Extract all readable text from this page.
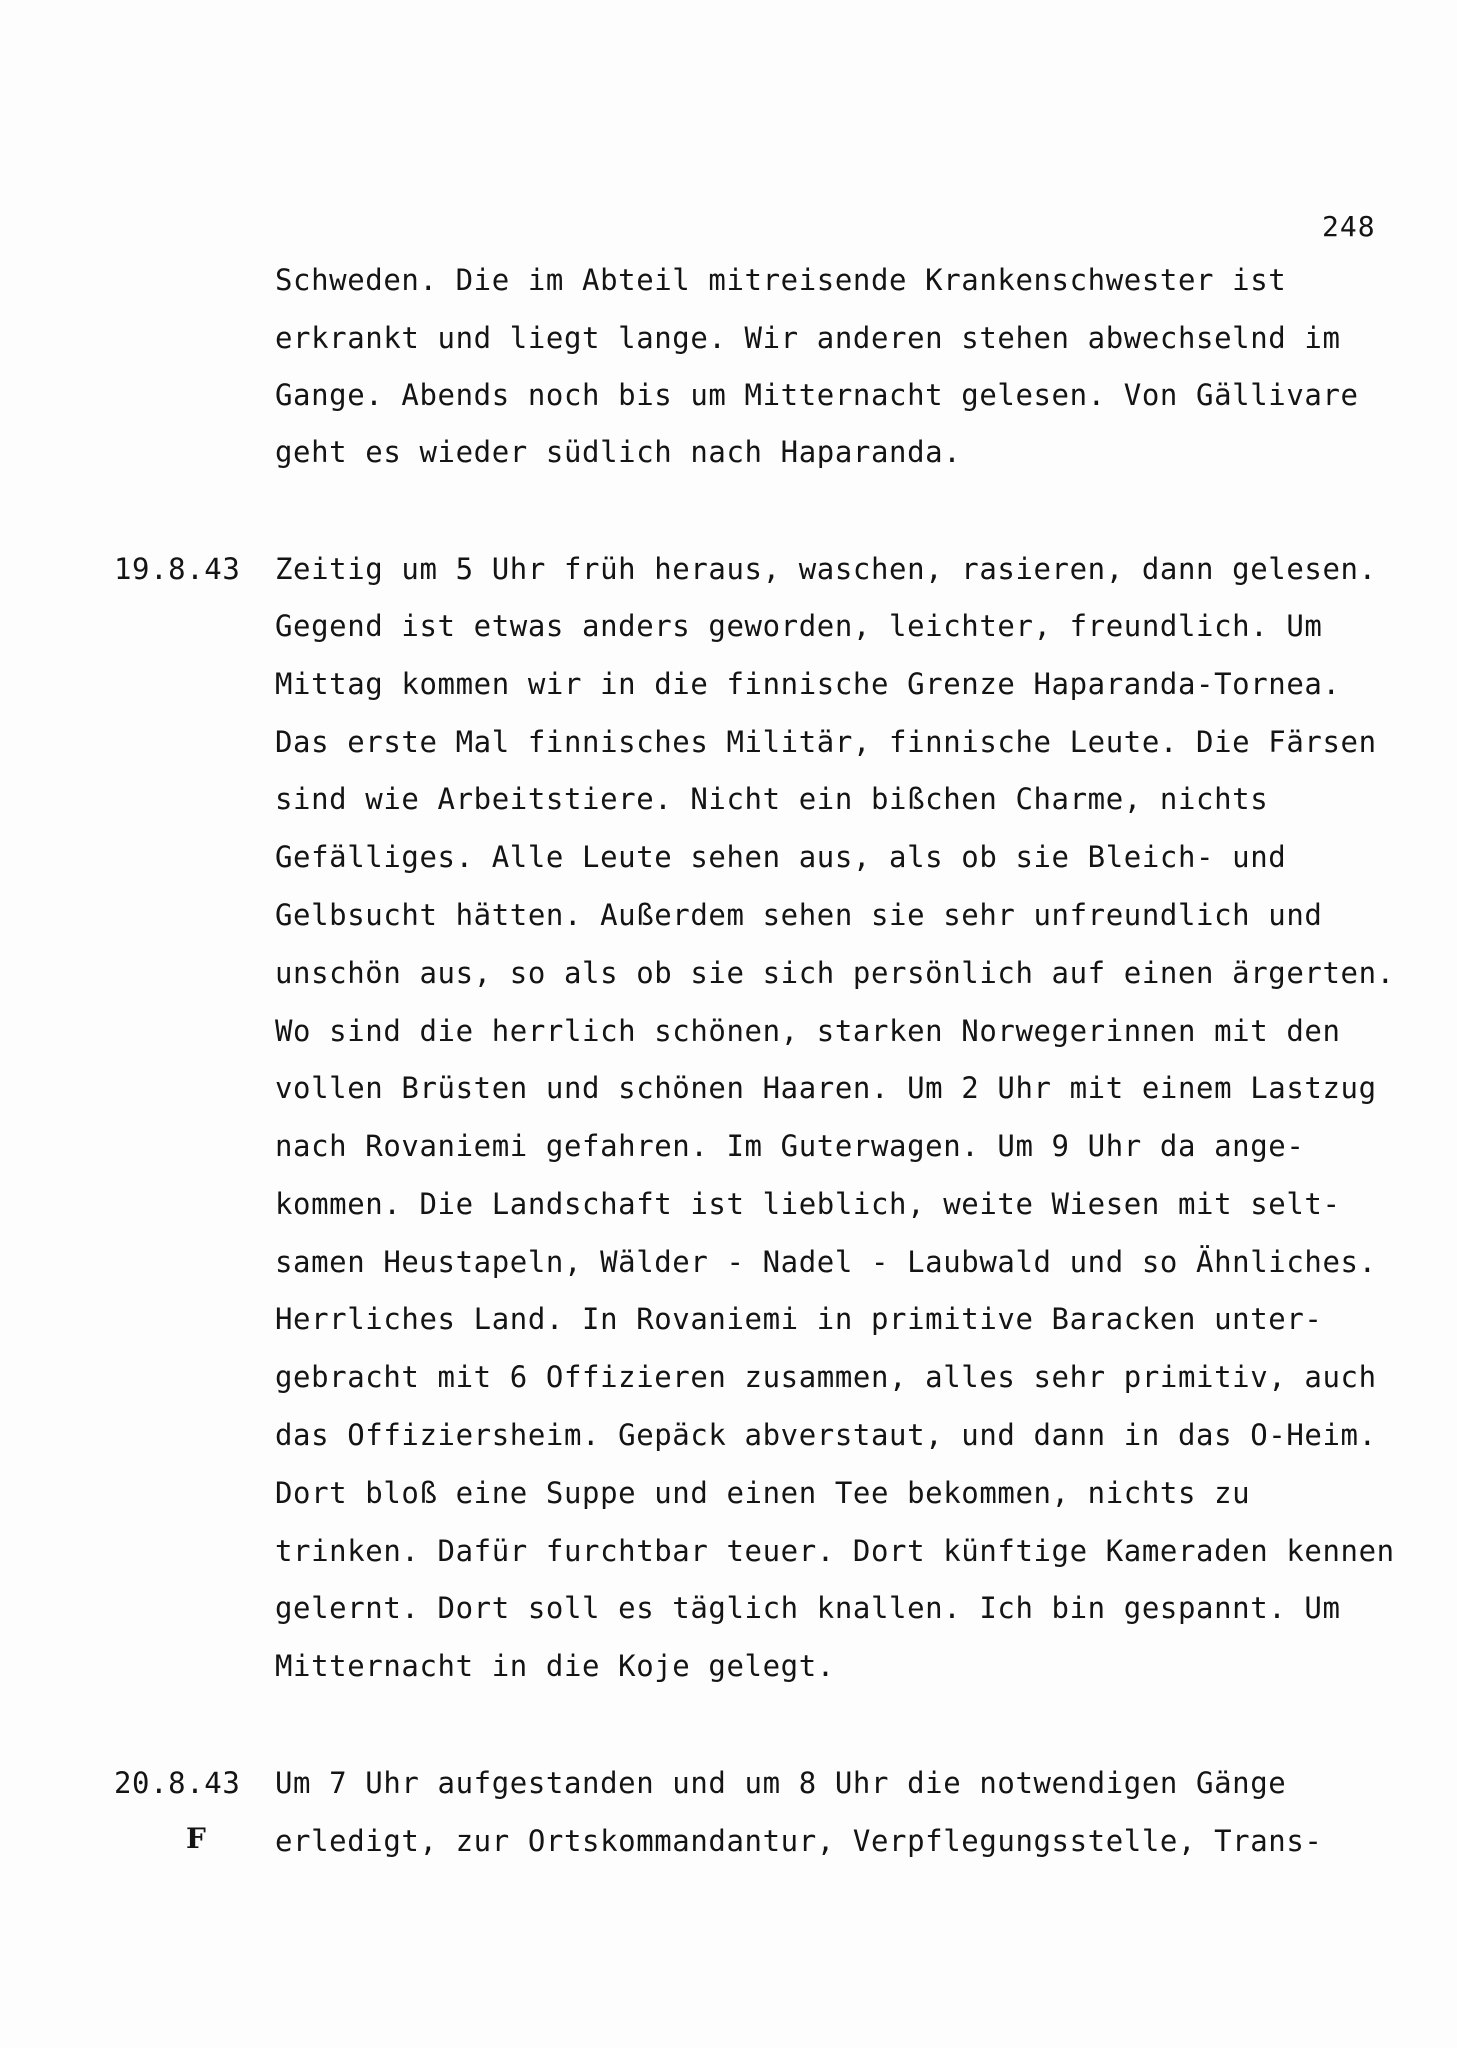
248
Schweden. Die im Abteil mitreisende Krankenschwester ist
erkrankt und liegt lange. Wir anderen stehen abwechselnd im
Gange. Abends noch bis um Mitternacht gelesen. Von Gällivare
geht es wieder südlich nach Haparanda.
19.8.43 Zeitig um 5 Uhr früh heraus, waschen, rasieren, dann gelesen.
Gegend ist etwas anders geworden, leichter, freundlich. Um
Mittag kommen wir in die finnische Grenze Haparanda-Tornea.
Das erste Mal finnisches Militär, finnische Leute. Die Färsen
sind wie Arbeitstiere. Nicht ein bißchen Charme, nichts
Gefälliges. Alle Leute sehen aus, als ob sie Bleich- und
Gelbsucht hätten. Außerdem sehen sie sehr unfreundlich und
unschön aus, so als ob sie sich persönlich auf einen ärgerten.
Wo sind die herrlich schönen, starken Norwegerinnen mit den
vollen Brüsten und schönen Haaren. Um 2 Uhr mit einem Lastzug
nach Rovaniemi gefahren. Im Guterwagen. Um 9 Uhr da ange-
kommen. Die Landschaft ist lieblich, weite Wiesen mit selt-
samen Heustapeln, Wälder - Nadel - Laubwald und so Ähnliches.
Herrliches Land. In Rovaniemi in primitive Baracken unter-
gebracht mit 6 Offizieren zusammen, alles sehr primitiv, auch
das Offiziersheim. Gepäck abverstaut, und dann in das O-Heim.
Dort bloß eine Suppe und einen Tee bekommen, nichts zu
trinken. Dafür furchtbar teuer. Dort künftige Kameraden kennen
gelernt. Dort soll es täglich knallen. Ich bin gespannt. Um
Mitternacht in die Koje gelegt.
20.8.43
F
Um 7 Uhr aufgestanden und um 8 Uhr die notwendigen Gänge
erledigt, zur Ortskommandantur, Verpflegungsstelle, Trans-
